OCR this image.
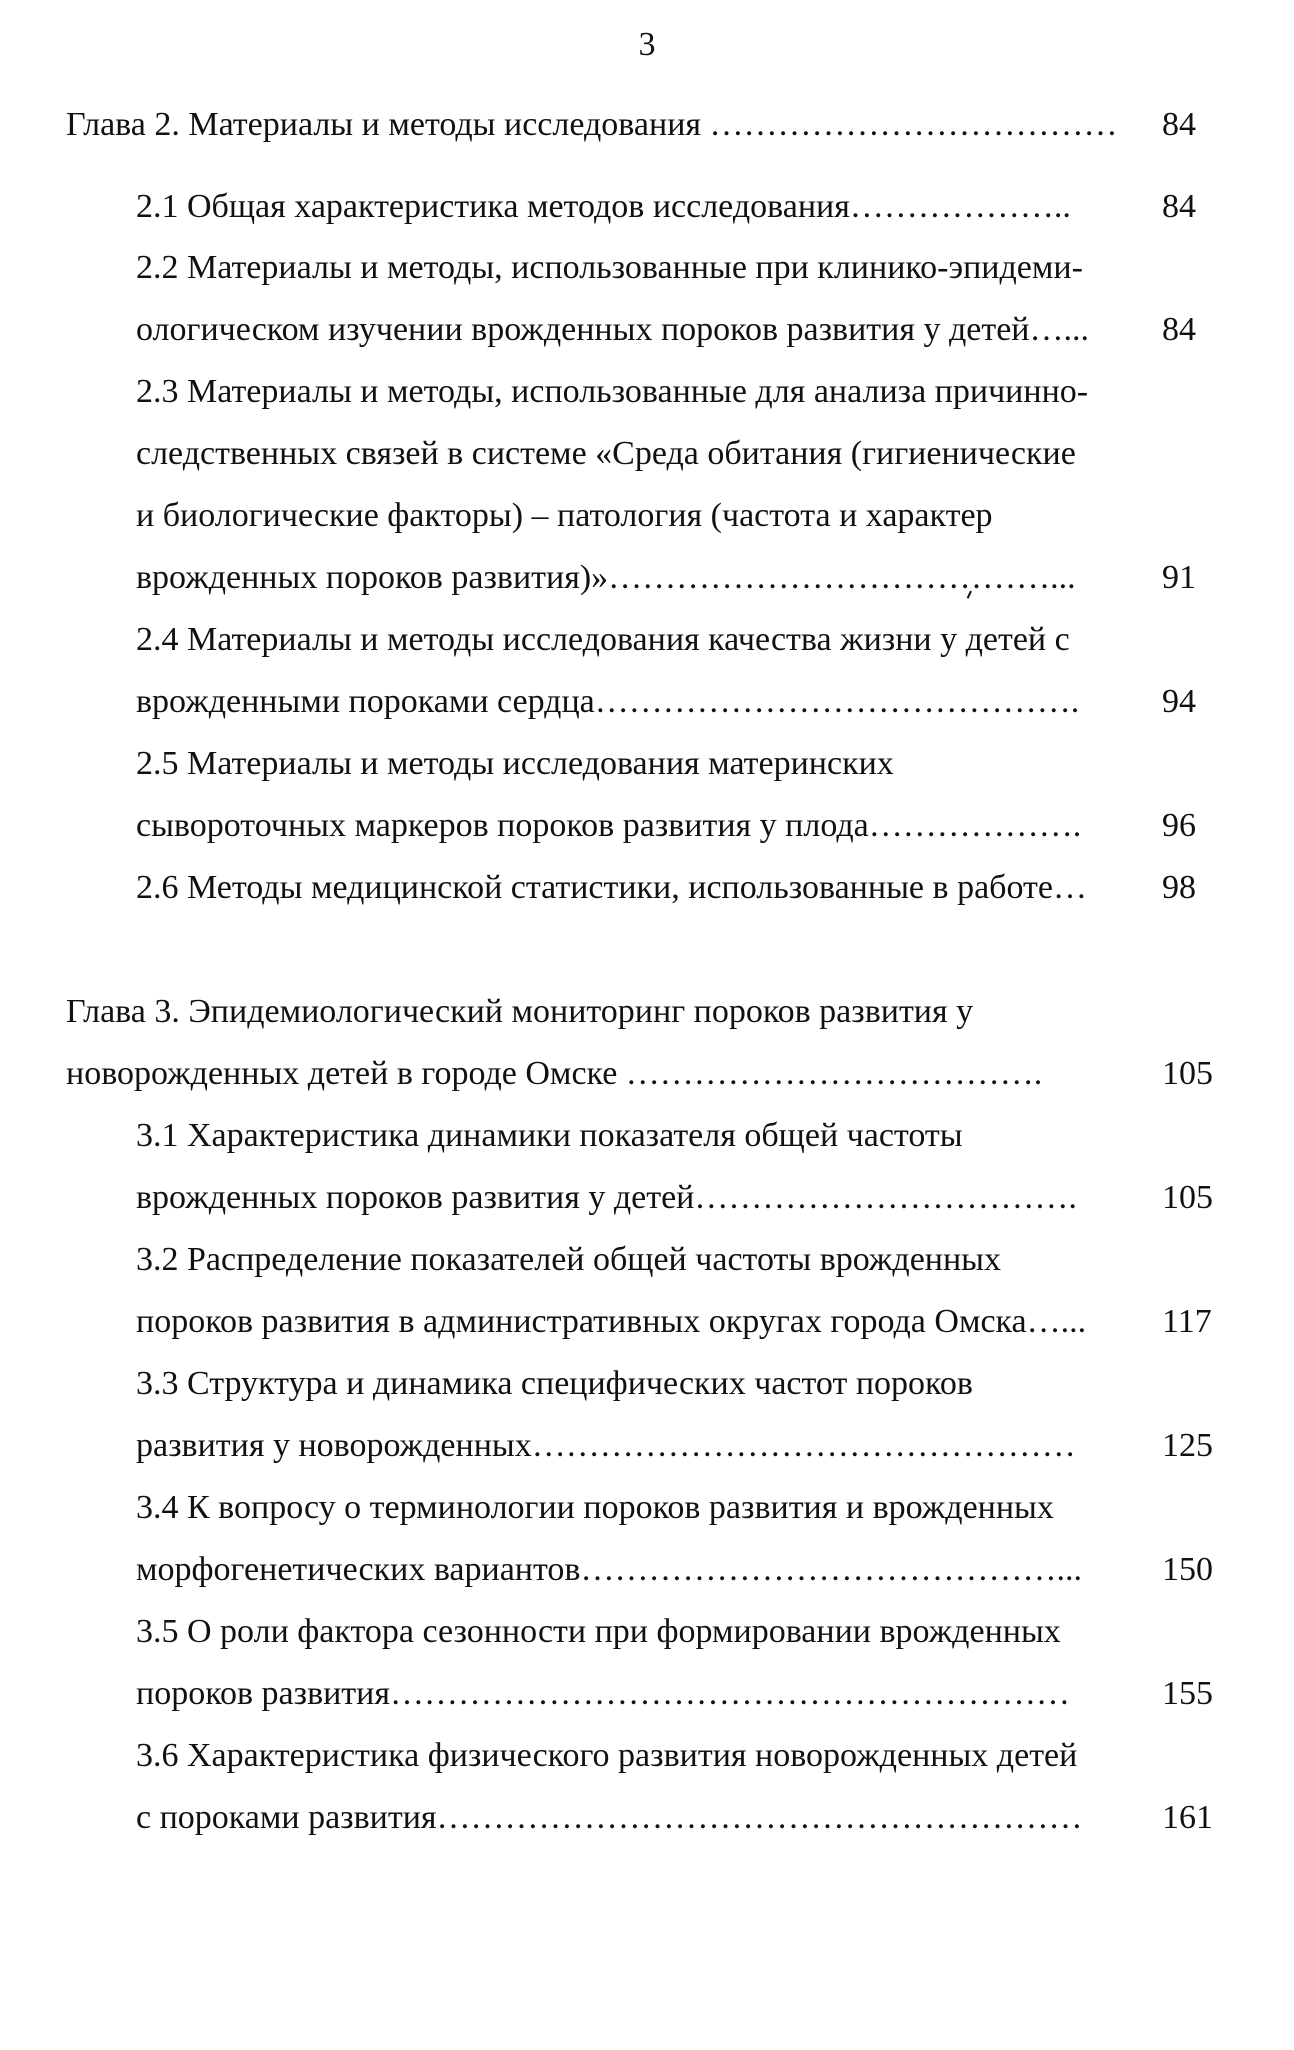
3
Глава 2. Материалы и методы исследования ……………………………… 84
2.1 Общая характеристика методов исследования………………..	84
2.2 Материалы и методы, использованные при клинико-эпидеми-
ологическом изучении врожденных пороков развития у детей…... 84
2.3 Материалы и методы, использованные для анализа причинно-
следственных связей в системе «Среда обитания (гигиенические
и биологические факторы) – патология (частота и характер
врожденных пороков развития)»…………………………………...	91
2.4 Материалы и методы исследования качества жизни у детей с
врожденными пороками сердца……………………………………. 94
2.5 Материалы и методы исследования материнских
сывороточных маркеров пороков развития у плода………………. 96
2.6 Методы медицинской статистики, использованные в работе… 98
Глава 3. Эпидемиологический мониторинг пороков развития у
новорожденных детей в городе Омске ……………………………….	105
3.1 Характеристика динамики показателя общей частоты
врожденных пороков развития у детей…………………………….	105
3.2 Распределение показателей общей частоты врожденных
пороков развития в административных округах города Омска…... 117
3.3 Структура и динамика специфических частот пороков
развития у новорожденных…………………………………………	125
3.4 К вопросу о терминологии пороков развития и врожденных
морфогенетических вариантов……………………………………... 150
3.5 О роли фактора сезонности при формировании врожденных
пороков развития……………………………………………………	155
3.6 Характеристика физического развития новорожденных детей
с пороками развития………………………………………………… 161
